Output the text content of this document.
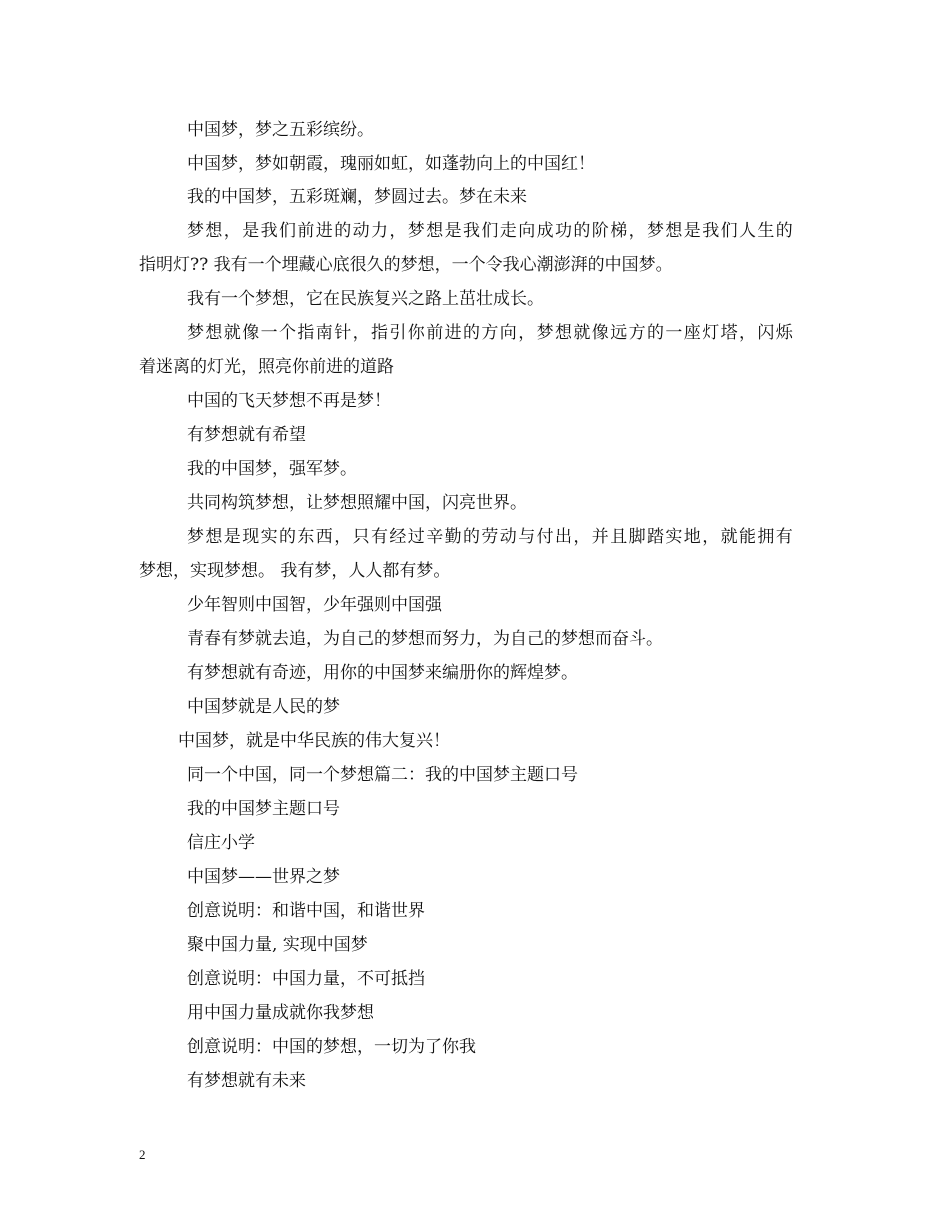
中国梦，梦之五彩缤纷。
中国梦，梦如朝霞，瑰丽如虹，如蓬勃向上的中国红！
我的中国梦，五彩斑斓，梦圆过去。梦在未来
梦想，是我们前进的动力，梦想是我们走向成功的阶梯，梦想是我们人生的
指明灯?? 我有一个埋藏心底很久的梦想，一个令我心潮澎湃的中国梦。
我有一个梦想，它在民族复兴之路上茁壮成长。
梦想就像一个指南针，指引你前进的方向，梦想就像远方的一座灯塔，闪烁
着迷离的灯光，照亮你前进的道路
中国的飞天梦想不再是梦！
有梦想就有希望
我的中国梦，强军梦。
共同构筑梦想，让梦想照耀中国，闪亮世界。
梦想是现实的东西，只有经过辛勤的劳动与付出，并且脚踏实地，就能拥有
梦想，实现梦想。 我有梦，人人都有梦。
少年智则中国智，少年强则中国强
青春有梦就去追，为自己的梦想而努力，为自己的梦想而奋斗。
有梦想就有奇迹，用你的中国梦来编册你的辉煌梦。
中国梦就是人民的梦
中国梦，就是中华民族的伟大复兴！
同一个中国，同一个梦想篇二：我的中国梦主题口号
我的中国梦主题口号
信庄小学
中国梦——世界之梦
创意说明：和谐中国，和谐世界
聚中国力量, 实现中国梦
创意说明：中国力量，不可抵挡
用中国力量成就你我梦想
创意说明：中国的梦想，一切为了你我
有梦想就有未来
2
